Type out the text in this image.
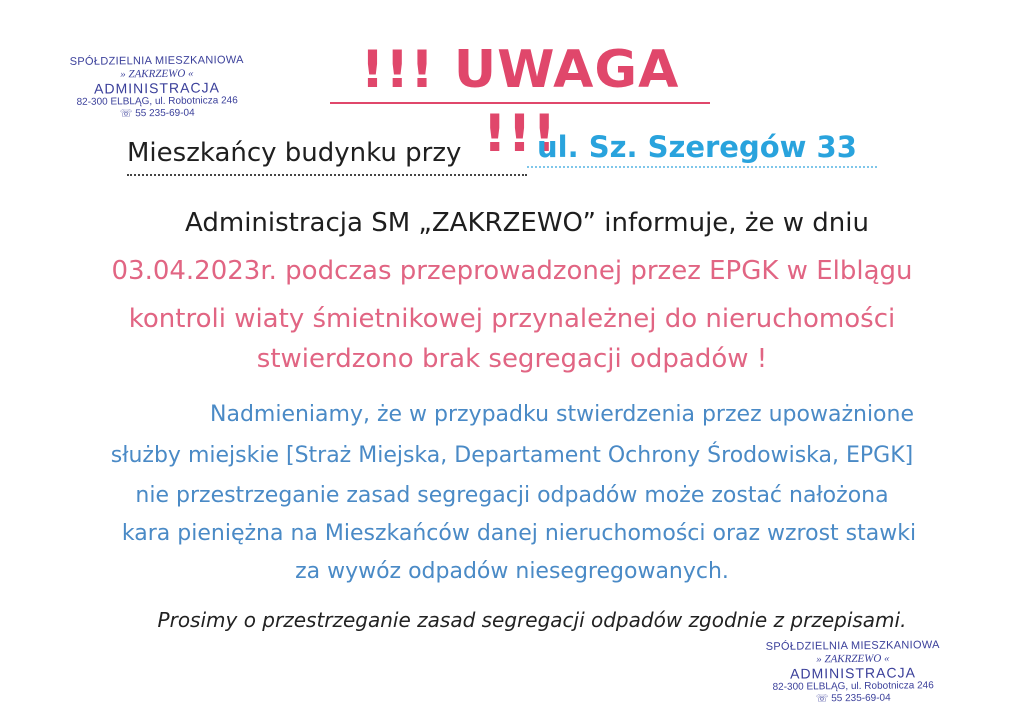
SPÓŁDZIELNIA MIESZKANIOWA
» ZAKRZEWO «
ADMINISTRACJA
82-300 ELBLĄG, ul. Robotnicza 246
☏ 55 235-69-04
!!! UWAGA !!!
Mieszkańcy budynku przy	ul. Sz. Szeregów 33
Administracja SM „ZAKRZEWO” informuje, że w dniu
03.04.2023r. podczas przeprowadzonej przez EPGK w Elblągu
kontroli wiaty śmietnikowej przynależnej do nieruchomości
stwierdzono brak segregacji odpadów !
Nadmieniamy, że w przypadku stwierdzenia przez upoważnione
służby miejskie [Straż Miejska, Departament Ochrony Środowiska, EPGK]
nie przestrzeganie zasad segregacji odpadów może zostać nałożona
kara pieniężna na Mieszkańców danej nieruchomości oraz wzrost stawki
za wywóz odpadów niesegregowanych.
Prosimy o przestrzeganie zasad segregacji odpadów zgodnie z przepisami.
SPÓŁDZIELNIA MIESZKANIOWA
» ZAKRZEWO «
ADMINISTRACJA
82-300 ELBLĄG, ul. Robotnicza 246
☏ 55 235-69-04
